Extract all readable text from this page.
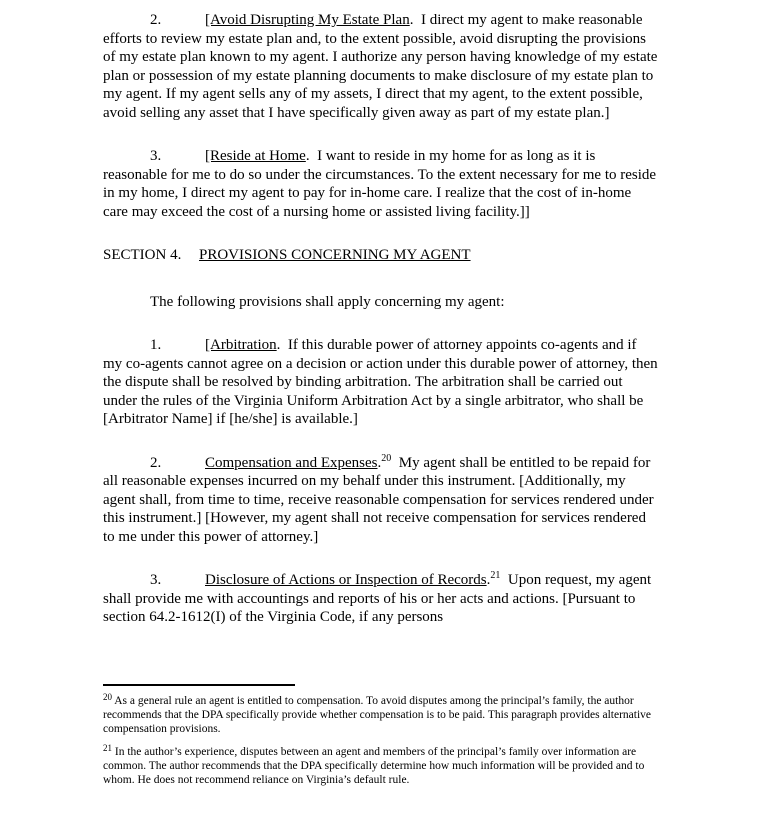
2.	[Avoid Disrupting My Estate Plan.  I direct my agent to make reasonable efforts to review my estate plan and, to the extent possible, avoid disrupting the provisions of my estate plan known to my agent. I authorize any person having knowledge of my estate plan or possession of my estate planning documents to make disclosure of my estate plan to my agent. If my agent sells any of my assets, I direct that my agent, to the extent possible, avoid selling any asset that I have specifically given away as part of my estate plan.]

3.	[Reside at Home.  I want to reside in my home for as long as it is reasonable for me to do so under the circumstances. To the extent necessary for me to reside in my home, I direct my agent to pay for in-home care. I realize that the cost of in-home care may exceed the cost of a nursing home or assisted living facility.]]

SECTION 4. PROVISIONS CONCERNING MY AGENT

The following provisions shall apply concerning my agent:

1.	[Arbitration.  If this durable power of attorney appoints co-agents and if my co-agents cannot agree on a decision or action under this durable power of attorney, then the dispute shall be resolved by binding arbitration. The arbitration shall be carried out under the rules of the Virginia Uniform Arbitration Act by a single arbitrator, who shall be [Arbitrator Name] if [he/she] is available.]

2.	Compensation and Expenses.$^{20}$  My agent shall be entitled to be repaid for all reasonable expenses incurred on my behalf under this instrument. [Additionally, my agent shall, from time to time, receive reasonable compensation for services rendered under this instrument.] [However, my agent shall not receive compensation for services rendered to me under this power of attorney.]

3.	Disclosure of Actions or Inspection of Records.$^{21}$  Upon request, my agent shall provide me with accountings and reports of his or her acts and actions. [Pursuant to section 64.2-1612(I) of the Virginia Code, if any persons

$^{20}$ As a general rule an agent is entitled to compensation. To avoid disputes among the principal’s family, the author recommends that the DPA specifically provide whether compensation is to be paid. This paragraph provides alternative compensation provisions.

$^{21}$ In the author’s experience, disputes between an agent and members of the principal’s family over information are common. The author recommends that the DPA specifically determine how much information will be provided and to whom. He does not recommend reliance on Virginia’s default rule.
